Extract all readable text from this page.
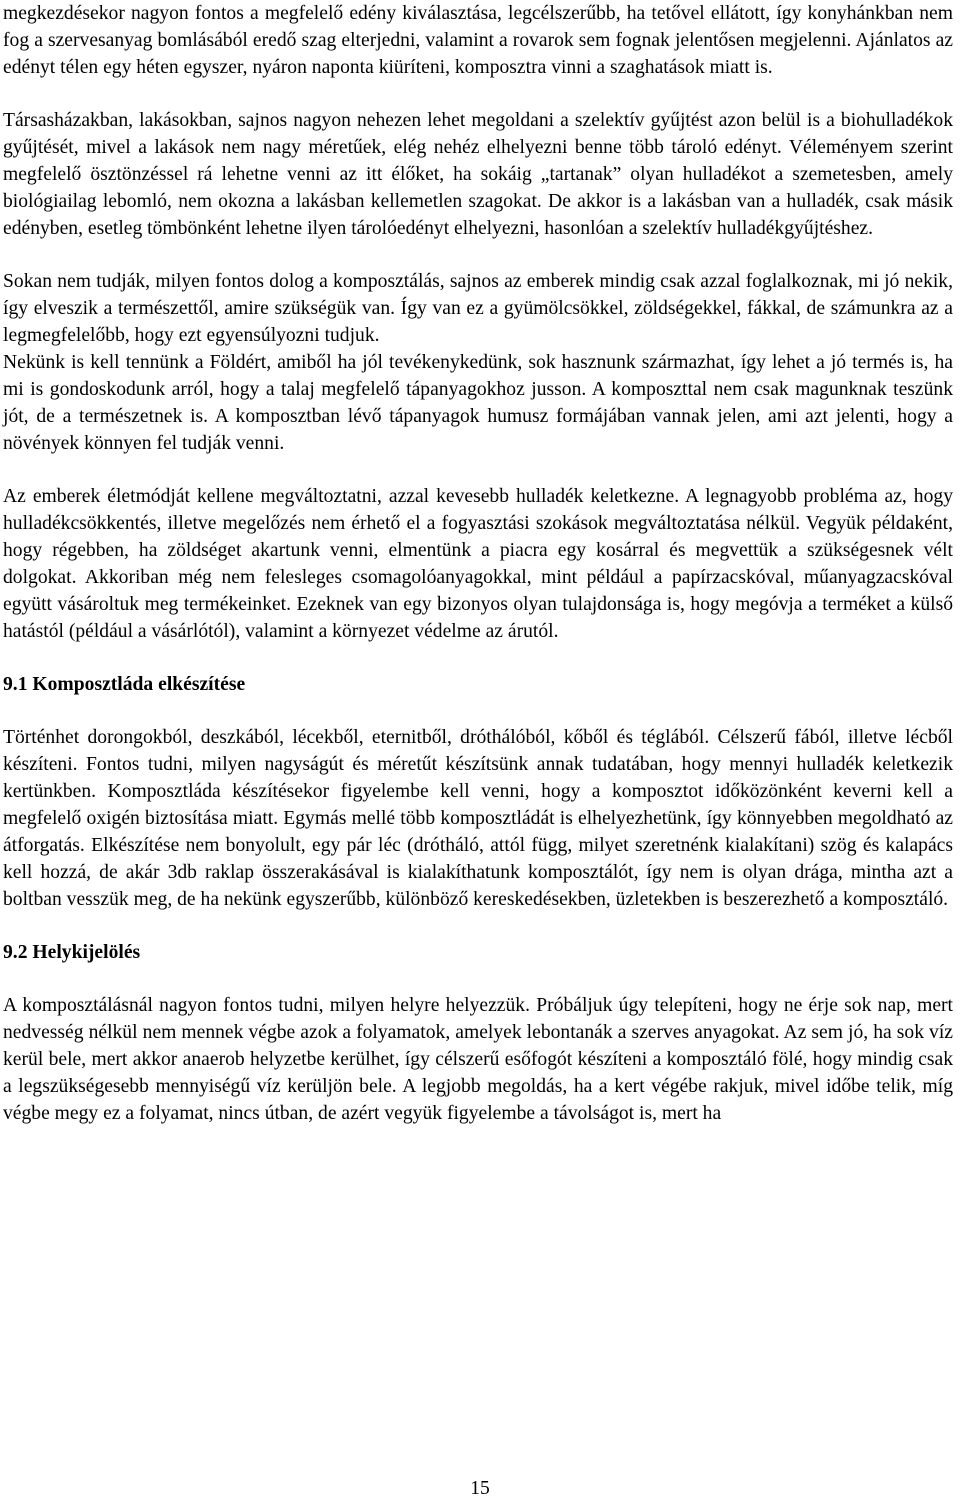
megkezdésekor nagyon fontos a megfelelő edény kiválasztása, legcélszerűbb, ha tetővel ellátott, így konyhánkban nem fog a szervesanyag bomlásából eredő szag elterjedni, valamint a rovarok sem fognak jelentősen megjelenni. Ajánlatos az edényt télen egy héten egyszer, nyáron naponta kiüríteni, komposztra vinni a szaghatások miatt is.

Társasházakban, lakásokban, sajnos nagyon nehezen lehet megoldani a szelektív gyűjtést azon belül is a biohulladékok gyűjtését, mivel a lakások nem nagy méretűek, elég nehéz elhelyezni benne több tároló edényt. Véleményem szerint megfelelő ösztönzéssel rá lehetne venni az itt élőket, ha sokáig „tartanak” olyan hulladékot a szemetesben, amely biológiailag lebomló, nem okozna a lakásban kellemetlen szagokat. De akkor is a lakásban van a hulladék, csak másik edényben, esetleg tömbönként lehetne ilyen tárolóedényt elhelyezni, hasonlóan a szelektív hulladékgyűjtéshez.

Sokan nem tudják, milyen fontos dolog a komposztálás, sajnos az emberek mindig csak azzal foglalkoznak, mi jó nekik, így elveszik a természettől, amire szükségük van. Így van ez a gyümölcsökkel, zöldségekkel, fákkal, de számunkra az a legmegfelelőbb, hogy ezt egyensúlyozni tudjuk.

Nekünk is kell tennünk a Földért, amiből ha jól tevékenykedünk, sok hasznunk származhat, így lehet a jó termés is, ha mi is gondoskodunk arról, hogy a talaj megfelelő tápanyagokhoz jusson. A komposzttal nem csak magunknak teszünk jót, de a természetnek is. A komposztban lévő tápanyagok humusz formájában vannak jelen, ami azt jelenti, hogy a növények könnyen fel tudják venni.

Az emberek életmódját kellene megváltoztatni, azzal kevesebb hulladék keletkezne. A legnagyobb probléma az, hogy hulladékcsökkentés, illetve megelőzés nem érhető el a fogyasztási szokások megváltoztatása nélkül. Vegyük példaként, hogy régebben, ha zöldséget akartunk venni, elmentünk a piacra egy kosárral és megvettük a szükségesnek vélt dolgokat. Akkoriban még nem felesleges csomagolóanyagokkal, mint például a papírzacskóval, műanyagzacskóval együtt vásároltuk meg termékeinket. Ezeknek van egy bizonyos olyan tulajdonsága is, hogy megóvja a terméket a külső hatástól (például a vásárlótól), valamint a környezet védelme az árutól.

9.1 Komposztláda elkészítése

Történhet dorongokból, deszkából, lécekből, eternitből, dróthálóból, kőből és téglából. Célszerű fából, illetve lécből készíteni. Fontos tudni, milyen nagyságút és méretűt készítsünk annak tudatában, hogy mennyi hulladék keletkezik kertünkben. Komposztláda készítésekor figyelembe kell venni, hogy a komposztot időközönként keverni kell a megfelelő oxigén biztosítása miatt. Egymás mellé több komposztládát is elhelyezhetünk, így könnyebben megoldható az átforgatás. Elkészítése nem bonyolult, egy pár léc (drótháló, attól függ, milyet szeretnénk kialakítani) szög és kalapács kell hozzá, de akár 3db raklap összerakásával is kialakíthatunk komposztálót, így nem is olyan drága, mintha azt a boltban vesszük meg, de ha nekünk egyszerűbb, különböző kereskedésekben, üzletekben is beszerezhető a komposztáló.

9.2 Helykijelölés

A komposztálásnál nagyon fontos tudni, milyen helyre helyezzük. Próbáljuk úgy telepíteni, hogy ne érje sok nap, mert nedvesség nélkül nem mennek végbe azok a folyamatok, amelyek lebontanák a szerves anyagokat. Az sem jó, ha sok víz kerül bele, mert akkor anaerob helyzetbe kerülhet, így célszerű esőfogót készíteni a komposztáló fölé, hogy mindig csak a legszükségesebb mennyiségű víz kerüljön bele. A legjobb megoldás, ha a kert végébe rakjuk, mivel időbe telik, míg végbe megy ez a folyamat, nincs útban, de azért vegyük figyelembe a távolságot is, mert ha

15
